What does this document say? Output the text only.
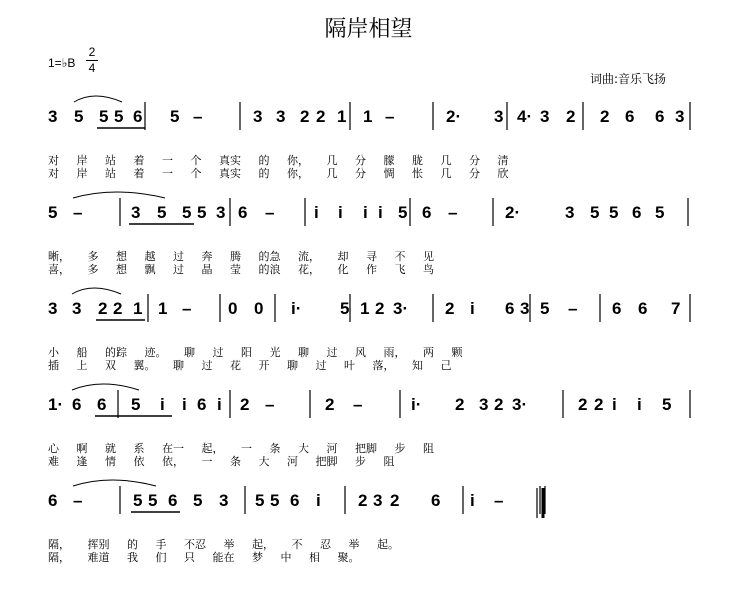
隔岸相望
1=♭B
2
4
词曲:音乐飞扬
3 5 5 5 6 5 –	3 3 2 2 1 1 –	2· 3 4· 3 2 2 6 6 3
5 –	3 5 5 5 3 6 – i i i i 5 6 –	2·	3 5 5 6 5
3 3 2 2 1 1 – 0 0 i· 5 1 2 3· 2 i 6 3 5 – 6 6 7
1· 6 6 5 i i 6 i 2 –	2 –	i· 2 3 2 3·	2 2 i i 5
6 –	5 5 6 5 3 5 5 6 i 2 3 2 6 i –
对 岸 站 着 一 个 真实 的 你， 几 分 朦 胧 几 分 清
对 岸 站 着 一 个 真实 的 你， 几 分 惆 怅 几 分 欣
晰， 多 想 越 过 奔 腾 的急 流， 却 寻 不 见
喜， 多 想 飘 过 晶 莹 的浪 花， 化 作 飞 鸟
小 船 的踪 迹。 聊 过 阳 光 聊 过 风 雨， 两 颗
插 上 双 翼。 聊 过 花 开 聊 过 叶 落， 知 己
心 啊 就 系 在一 起， 一 条 大 河 把脚 步 阻
难 逢 情 依 依， 一 条 大 河 把脚 步 阻
隔， 挥别 的 手 不忍 举 起， 不 忍 举 起。
隔， 难道 我 们 只 能在 梦 中 相 聚。
